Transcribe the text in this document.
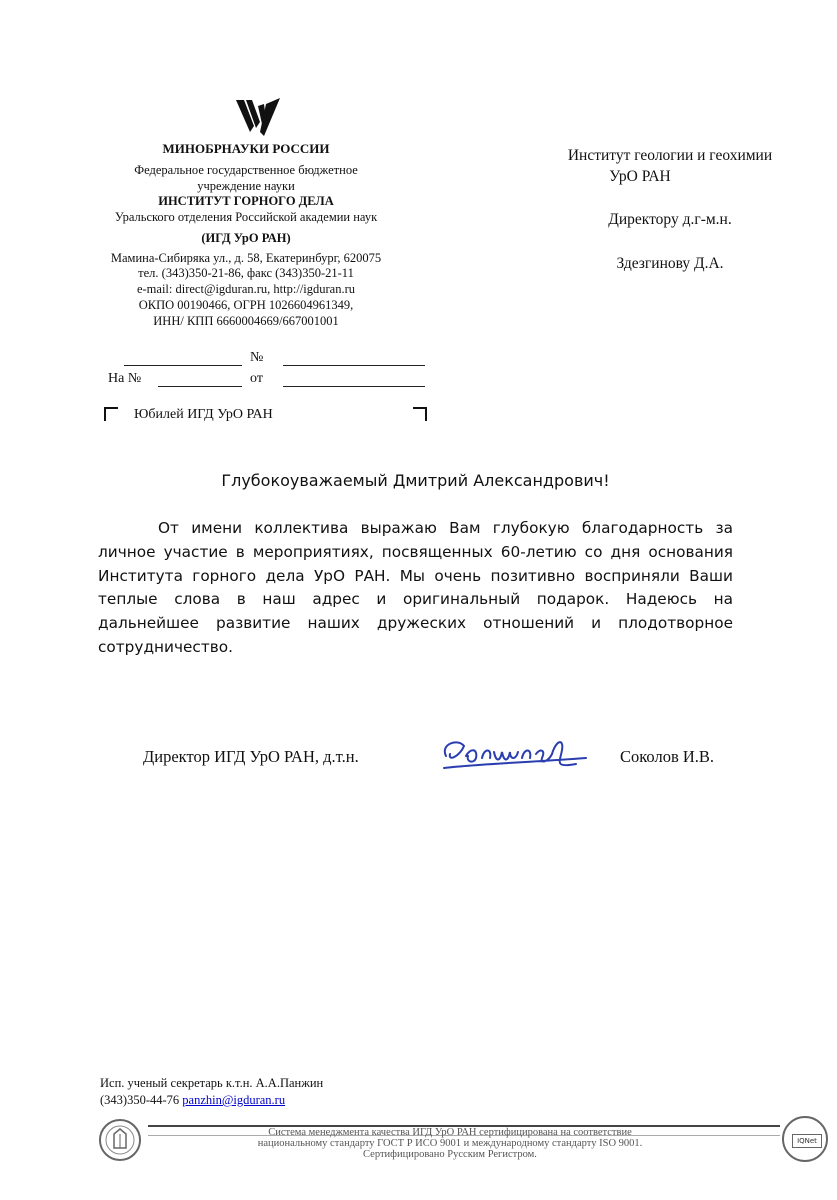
МИНОБРНАУКИ РОССИИ
Федеральное государственное бюджетное
учреждение науки
ИНСТИТУТ ГОРНОГО ДЕЛА
Уральского отделения Российской академии наук
(ИГД УрО РАН)
Мамина-Сибиряка ул., д. 58, Екатеринбург, 620075
тел. (343)350-21-86, факс (343)350-21-11
e-mail: direct@igduran.ru, http://igduran.ru
ОКПО 00190466, ОГРН 1026604961349,
ИНН/ КПП 6660004669/667001001
№
На №	от
Юбилей ИГД УрО РАН
Институт геологии и геохимии
УрО РАН
Директору д.г-м.н.
Здезгинову Д.А.
Глубокоуважаемый Дмитрий Александрович!
От имени коллектива выражаю Вам глубокую благодарность за личное участие в мероприятиях, посвященных 60-летию со дня основания Института горного дела УрО РАН. Мы очень позитивно восприняли Ваши теплые слова в наш адрес и оригинальный подарок. Надеюсь на дальнейшее развитие наших дружеских отношений и плодотворное сотрудничество.
Директор ИГД УрО РАН, д.т.н.	Соколов И.В.
Исп. ученый секретарь к.т.н. А.А.Панжин
(343)350-44-76 panzhin@igduran.ru
Система менеджмента качества ИГД УрО РАН сертифицирована на соответствие
национальному стандарту ГОСТ Р ИСО 9001 и международному стандарту ISO 9001.
Сертифицировано Русским Регистром.
IQNet
